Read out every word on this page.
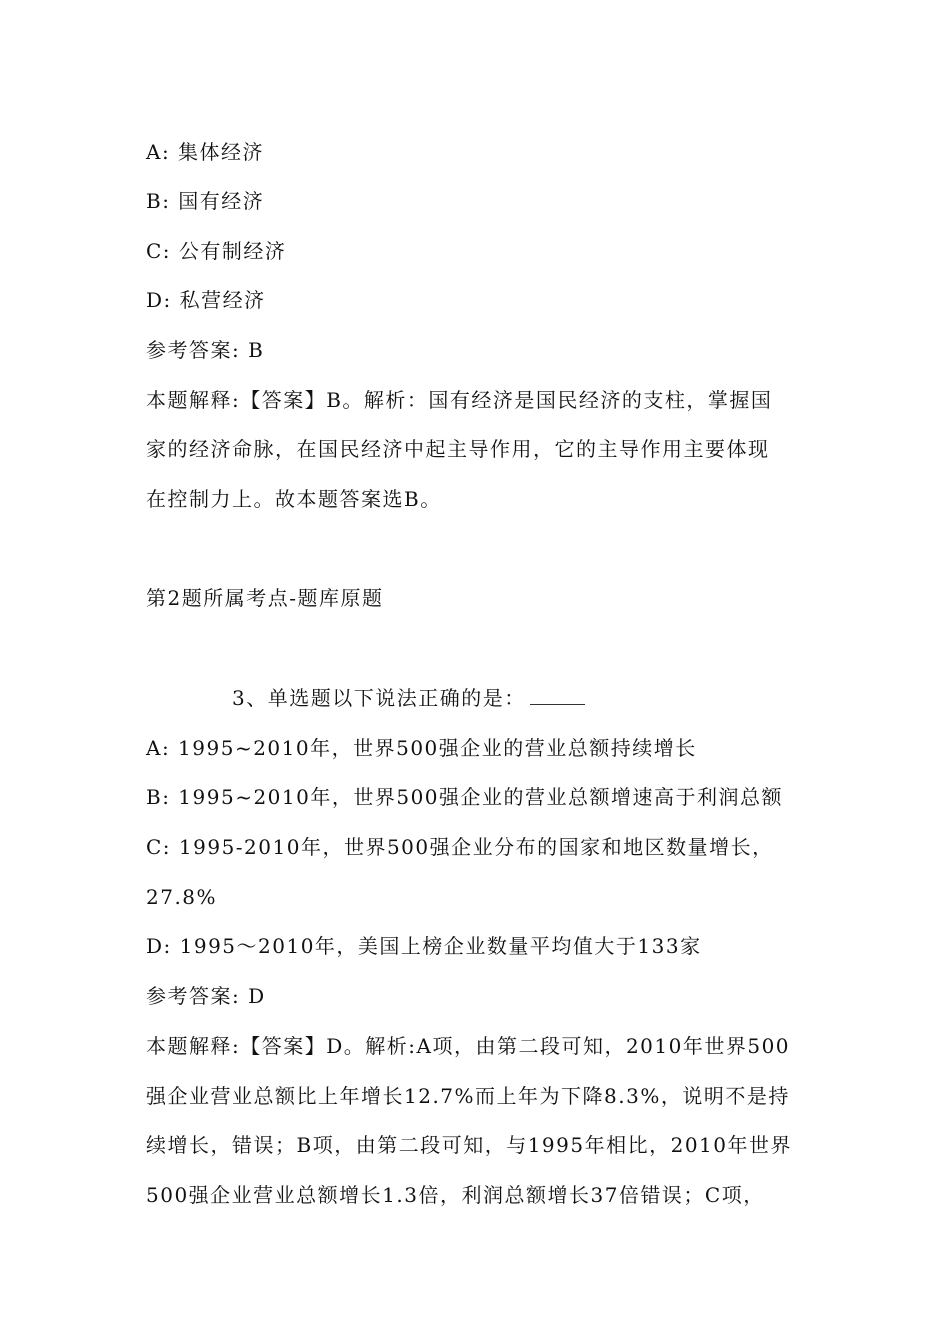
A: 集体经济
B: 国有经济
C: 公有制经济
D: 私营经济
参考答案: B
本题解释:【答案】B。解析：国有经济是国民经济的支柱，掌握国
家的经济命脉，在国民经济中起主导作用，它的主导作用主要体现
在控制力上。故本题答案选B。
第2题所属考点-题库原题
3、单选题以下说法正确的是：
A: 1995~2010年，世界500强企业的营业总额持续增长
B: 1995~2010年，世界500强企业的营业总额增速高于利润总额
C: 1995-2010年，世界500强企业分布的国家和地区数量增长，
27.8%
D: 1995～2010年，美国上榜企业数量平均值大于133家
参考答案: D
本题解释:【答案】D。解析:A项，由第二段可知，2010年世界500
强企业营业总额比上年增长12.7%而上年为下降8.3%，说明不是持
续增长，错误；B项，由第二段可知，与1995年相比，2010年世界
500强企业营业总额增长1.3倍，利润总额增长37倍错误；C项，
